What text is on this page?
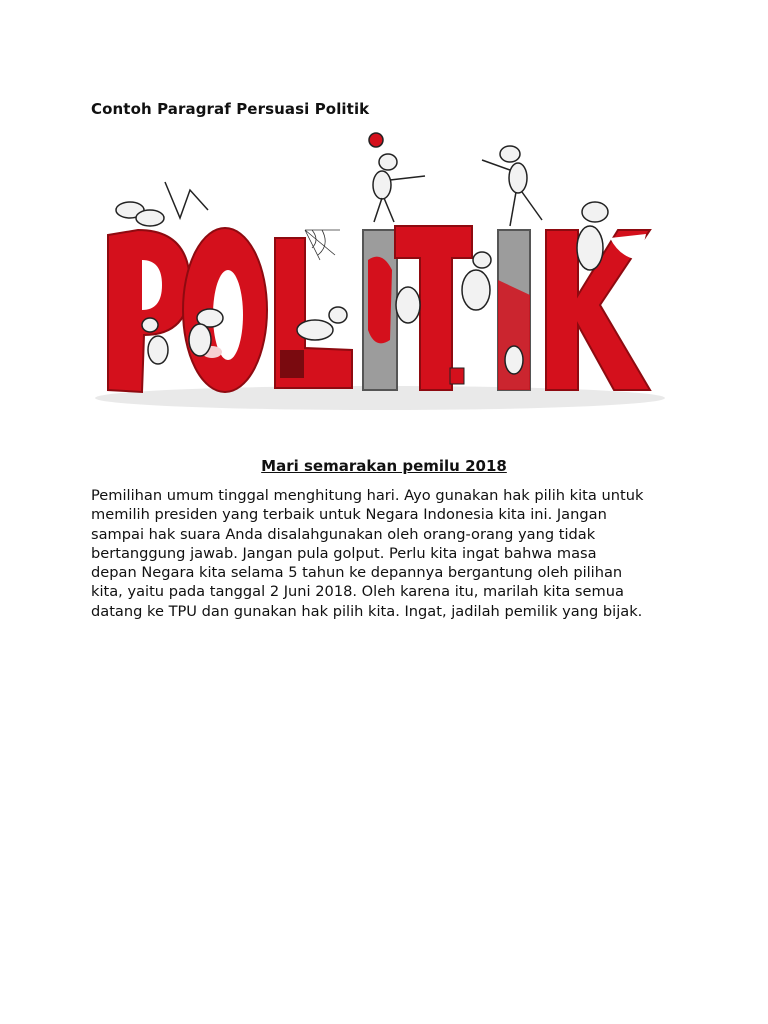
Contoh Paragraf Persuasi Politik
POLITIK
Mari semarakan pemilu 2018

Pemilihan umum tinggal menghitung hari. Ayo gunakan hak pilih kita untuk
memilih presiden yang terbaik untuk Negara Indonesia kita ini. Jangan
sampai hak suara Anda disalahgunakan oleh orang-orang yang tidak
bertanggung jawab. Jangan pula golput. Perlu kita ingat bahwa masa
depan Negara kita selama 5 tahun ke depannya bergantung oleh pilihan
kita, yaitu pada tanggal 2 Juni 2018. Oleh karena itu, marilah kita semua
datang ke TPU dan gunakan hak pilih kita. Ingat, jadilah pemilik yang bijak.
